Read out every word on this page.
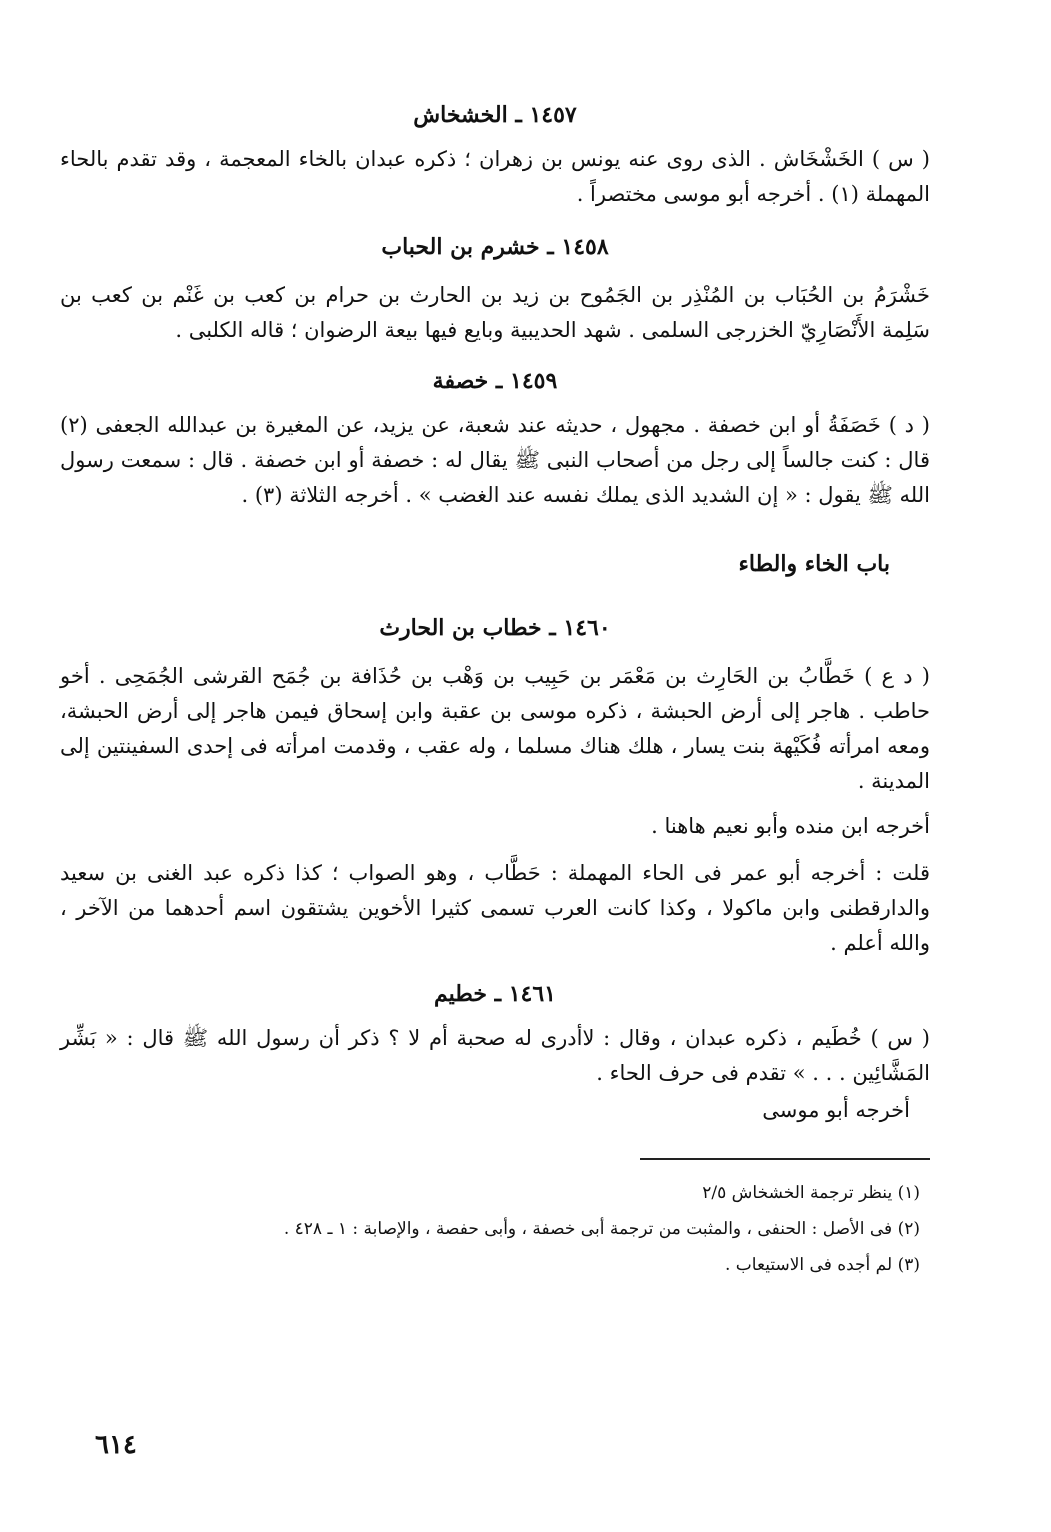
١٤٥٧ ـ الخشخاش

( س ) الخَشْخَاش . الذى روى عنه يونس بن زهران ؛ ذكره عبدان بالخاء المعجمة ، وقد تقدم بالحاء المهملة (١) . أخرجه أبو موسى مختصراً .

١٤٥٨ ـ خشرم بن الحباب

خَشْرَمُ بن الحُبَاب بن المُنْذِر بن الجَمُوح بن زيد بن الحارث بن حرام بن كعب بن غَنْم بن كعب بن سَلِمة الأَنْصَارِيّ الخزرجى السلمى . شهد الحديبية وبايع فيها بيعة الرضوان ؛ قاله الكلبى .

١٤٥٩ ـ خصفة

( د ) خَصَفَةُ أو ابن خصفة . مجهول ، حديثه عند شعبة، عن يزيد، عن المغيرة بن عبدالله الجعفى (٢) قال : كنت جالساً إلى رجل من أصحاب النبى ﷺ يقال له : خصفة أو ابن خصفة . قال : سمعت رسول الله ﷺ يقول : « إن الشديد الذى يملك نفسه عند الغضب » . أخرجه الثلاثة (٣) .

باب الخاء والطاء
١٤٦٠ ـ خطاب بن الحارث

( د ع ) خَطَّابُ بن الحَارِث بن مَعْمَر بن حَبِيب بن وَهْب بن حُذَافة بن جُمَح القرشى الجُمَحِى . أخو حاطب . هاجر إلى أرض الحبشة ، ذكره موسى بن عقبة وابن إسحاق فيمن هاجر إلى أرض الحبشة، ومعه امرأته فُكَيْهة بنت يسار ، هلك هناك مسلما ، وله عقب ، وقدمت امرأته فى إحدى السفينتين إلى المدينة .

أخرجه ابن منده وأبو نعيم هاهنا .

قلت : أخرجه أبو عمر فى الحاء المهملة : حَطَّاب ، وهو الصواب ؛ كذا ذكره عبد الغنى بن سعيد والدارقطنى وابن ماكولا ، وكذا كانت العرب تسمى كثيرا الأخوين يشتقون اسم أحدهما من الآخر ، والله أعلم .

١٤٦١ ـ خطيم

( س ) خُطَيم ، ذكره عبدان ، وقال : لاأدرى له صحبة أم لا ؟ ذكر أن رسول الله ﷺ قال : « بَشِّر المَشَّائِين . . . » تقدم فى حرف الحاء .

أخرجه أبو موسى

(١) ينظر ترجمة الخشخاش ٢/٥

(٢) فى الأصل : الحنفى ، والمثبت من ترجمة أبى خصفة ، وأبى حفصة ، والإصابة : ١ ـ ٤٢٨ .

(٣) لم أجده فى الاستيعاب .

٦١٤
